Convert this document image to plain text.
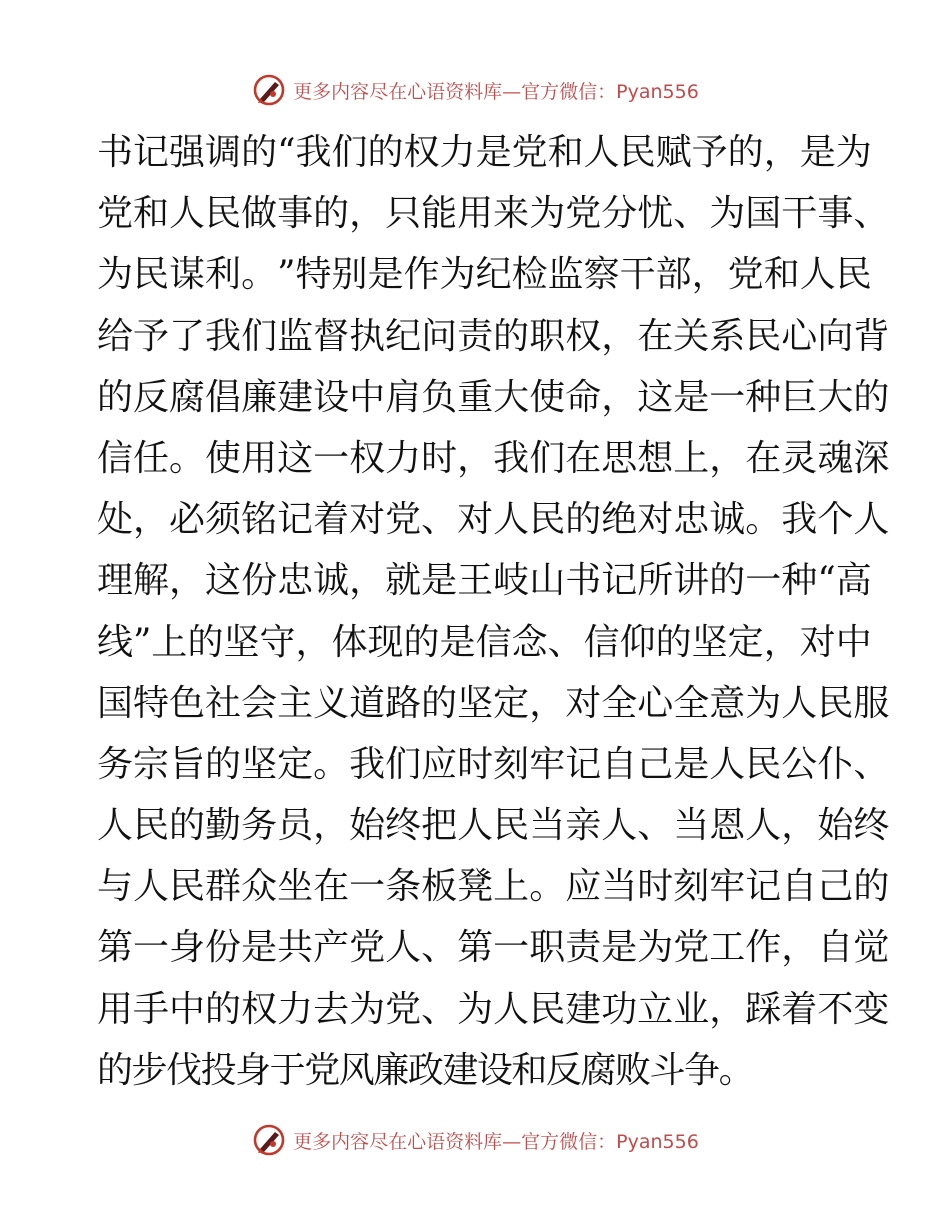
更多内容尽在心语资料库—官方微信：Pyan556
书 记 强 调 的 “ 我 们 的 权 力 是 党 和 人 民 赋 予 的 ， 是 为
党 和 人 民 做 事 的 ， 只 能 用 来 为 党 分 忧 、 为 国 干 事 、
为 民 谋 利 。 ” 特 别 是 作 为 纪 检 监 察 干 部 ， 党 和 人 民
给 予 了 我 们 监 督 执 纪 问 责 的 职 权 ， 在 关 系 民 心 向 背
的 反 腐 倡 廉 建 设 中 肩 负 重 大 使 命 ， 这 是 一 种 巨 大 的
信 任 。 使 用 这 一 权 力 时 ， 我 们 在 思 想 上 ， 在 灵 魂 深
处 ， 必 须 铭 记 着 对 党 、 对 人 民 的 绝 对 忠 诚 。 我 个 人
理 解 ， 这 份 忠 诚 ， 就 是 王 岐 山 书 记 所 讲 的 一 种 “ 高
线 ” 上 的 坚 守 ， 体 现 的 是 信 念 、 信 仰 的 坚 定 ， 对 中
国 特 色 社 会 主 义 道 路 的 坚 定 ， 对 全 心 全 意 为 人 民 服
务 宗 旨 的 坚 定 。 我 们 应 时 刻 牢 记 自 己 是 人 民 公 仆 、
人 民 的 勤 务 员 ， 始 终 把 人 民 当 亲 人 、 当 恩 人 ， 始 终
与 人 民 群 众 坐 在 一 条 板 凳 上 。 应 当 时 刻 牢 记 自 己 的
第 一 身 份 是 共 产 党 人 、 第 一 职 责 是 为 党 工 作 ， 自 觉
用 手 中 的 权 力 去 为 党 、 为 人 民 建 功 立 业 ， 踩 着 不 变
的
步
伐
投
身
于
党
风
廉
政
建
设
和
反
腐
败
斗
争
。
更多内容尽在心语资料库—官方微信：Pyan556
